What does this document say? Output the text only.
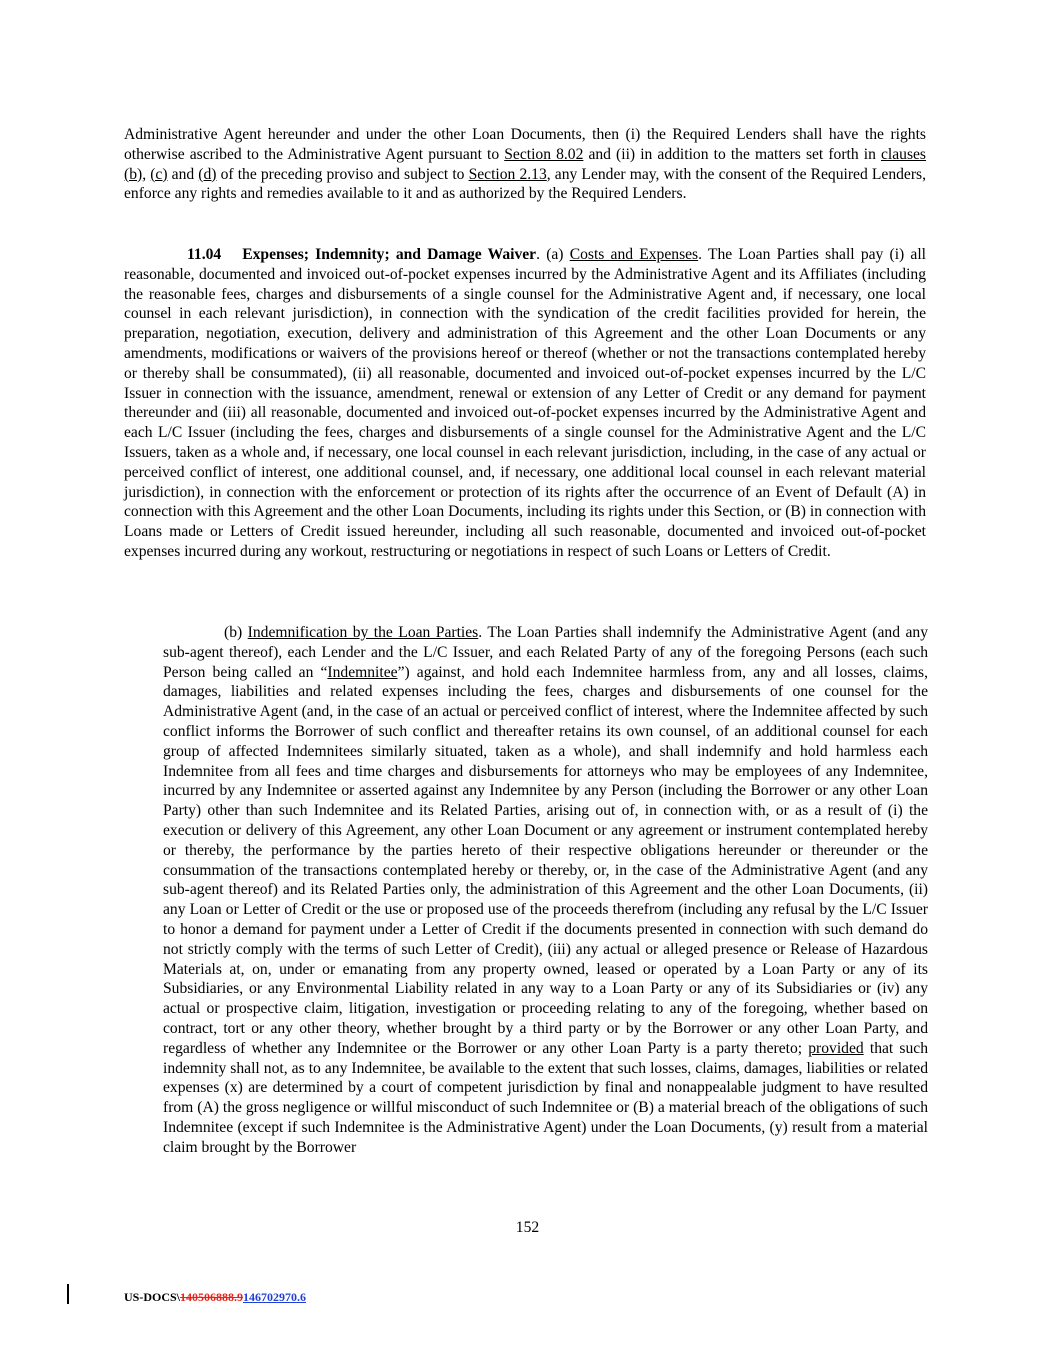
Administrative Agent hereunder and under the other Loan Documents, then (i) the Required Lenders shall have the rights otherwise ascribed to the Administrative Agent pursuant to Section 8.02 and (ii) in addition to the matters set forth in clauses (b), (c) and (d) of the preceding proviso and subject to Section 2.13, any Lender may, with the consent of the Required Lenders, enforce any rights and remedies available to it and as authorized by the Required Lenders.

11.04 Expenses; Indemnity; and Damage Waiver. (a) Costs and Expenses. The Loan Parties shall pay (i) all reasonable, documented and invoiced out-of-pocket expenses incurred by the Administrative Agent and its Affiliates (including the reasonable fees, charges and disbursements of a single counsel for the Administrative Agent and, if necessary, one local counsel in each relevant jurisdiction), in connection with the syndication of the credit facilities provided for herein, the preparation, negotiation, execution, delivery and administration of this Agreement and the other Loan Documents or any amendments, modifications or waivers of the provisions hereof or thereof (whether or not the transactions contemplated hereby or thereby shall be consummated), (ii) all reasonable, documented and invoiced out-of-pocket expenses incurred by the L/C Issuer in connection with the issuance, amendment, renewal or extension of any Letter of Credit or any demand for payment thereunder and (iii) all reasonable, documented and invoiced out-of-pocket expenses incurred by the Administrative Agent and each L/C Issuer (including the fees, charges and disbursements of a single counsel for the Administrative Agent and the L/C Issuers, taken as a whole and, if necessary, one local counsel in each relevant jurisdiction, including, in the case of any actual or perceived conflict of interest, one additional counsel, and, if necessary, one additional local counsel in each relevant material jurisdiction), in connection with the enforcement or protection of its rights after the occurrence of an Event of Default (A) in connection with this Agreement and the other Loan Documents, including its rights under this Section, or (B) in connection with Loans made or Letters of Credit issued hereunder, including all such reasonable, documented and invoiced out-of-pocket expenses incurred during any workout, restructuring or negotiations in respect of such Loans or Letters of Credit.

(b) Indemnification by the Loan Parties. The Loan Parties shall indemnify the Administrative Agent (and any sub-agent thereof), each Lender and the L/C Issuer, and each Related Party of any of the foregoing Persons (each such Person being called an “Indemnitee”) against, and hold each Indemnitee harmless from, any and all losses, claims, damages, liabilities and related expenses including the fees, charges and disbursements of one counsel for the Administrative Agent (and, in the case of an actual or perceived conflict of interest, where the Indemnitee affected by such conflict informs the Borrower of such conflict and thereafter retains its own counsel, of an additional counsel for each group of affected Indemnitees similarly situated, taken as a whole), and shall indemnify and hold harmless each Indemnitee from all fees and time charges and disbursements for attorneys who may be employees of any Indemnitee, incurred by any Indemnitee or asserted against any Indemnitee by any Person (including the Borrower or any other Loan Party) other than such Indemnitee and its Related Parties, arising out of, in connection with, or as a result of (i) the execution or delivery of this Agreement, any other Loan Document or any agreement or instrument contemplated hereby or thereby, the performance by the parties hereto of their respective obligations hereunder or thereunder or the consummation of the transactions contemplated hereby or thereby, or, in the case of the Administrative Agent (and any sub-agent thereof) and its Related Parties only, the administration of this Agreement and the other Loan Documents, (ii) any Loan or Letter of Credit or the use or proposed use of the proceeds therefrom (including any refusal by the L/C Issuer to honor a demand for payment under a Letter of Credit if the documents presented in connection with such demand do not strictly comply with the terms of such Letter of Credit), (iii) any actual or alleged presence or Release of Hazardous Materials at, on, under or emanating from any property owned, leased or operated by a Loan Party or any of its Subsidiaries, or any Environmental Liability related in any way to a Loan Party or any of its Subsidiaries or (iv) any actual or prospective claim, litigation, investigation or proceeding relating to any of the foregoing, whether based on contract, tort or any other theory, whether brought by a third party or by the Borrower or any other Loan Party, and regardless of whether any Indemnitee or the Borrower or any other Loan Party is a party thereto; provided that such indemnity shall not, as to any Indemnitee, be available to the extent that such losses, claims, damages, liabilities or related expenses (x) are determined by a court of competent jurisdiction by final and nonappealable judgment to have resulted from (A) the gross negligence or willful misconduct of such Indemnitee or (B) a material breach of the obligations of such Indemnitee (except if such Indemnitee is the Administrative Agent) under the Loan Documents, (y) result from a material claim brought by the Borrower

152
US-DOCS\140506888.9146702970.6
